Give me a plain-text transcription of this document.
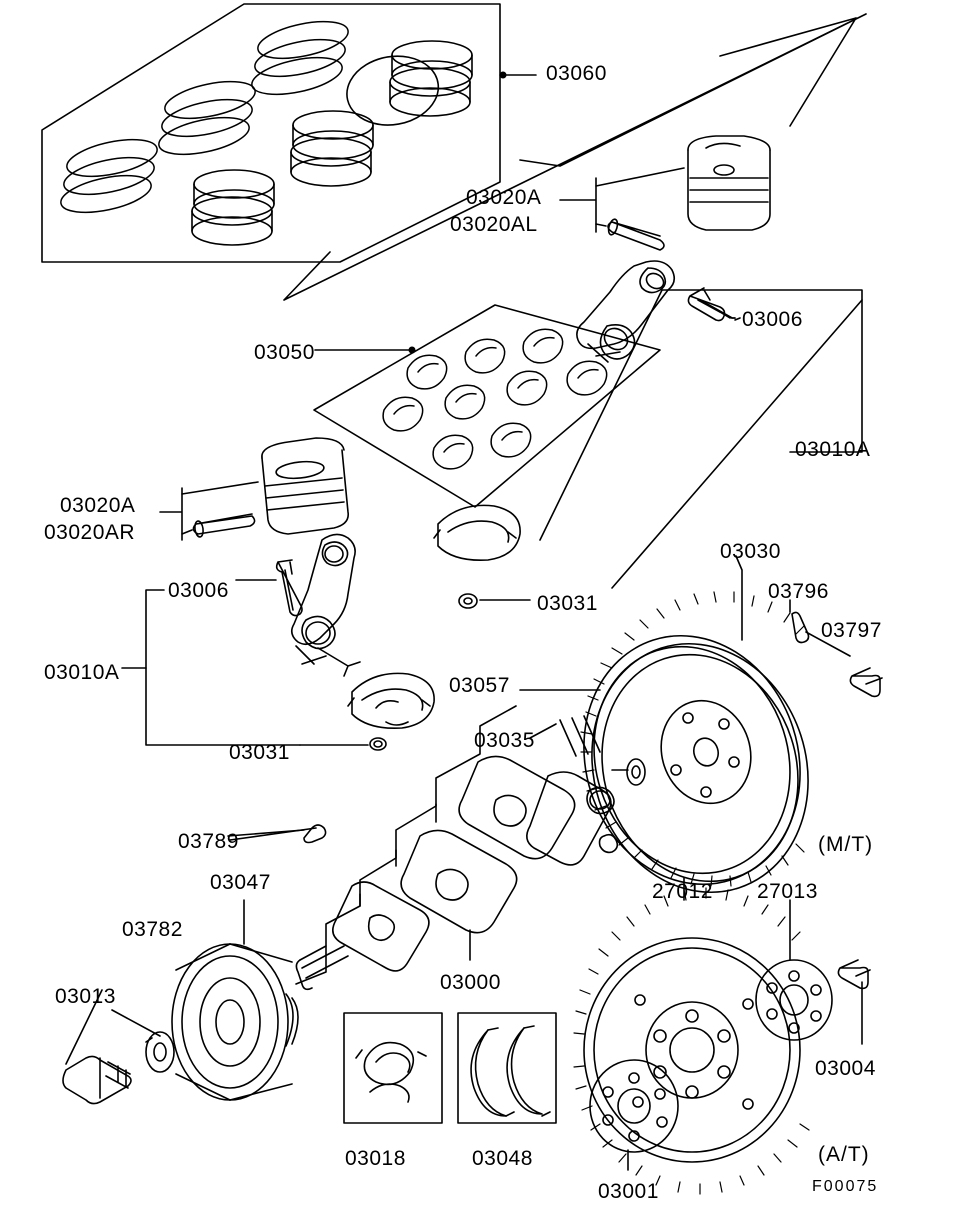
03060
03020A
03020AL
03050
03006
03010A
03020A
03020AR
03006
03031
03030
03796
03797
03057
03010A
03035
03031
03789	(M/T)
03047	27012 27013
03782
03000
03013
03004
03018	03048	(A/T)
03001	F00075
